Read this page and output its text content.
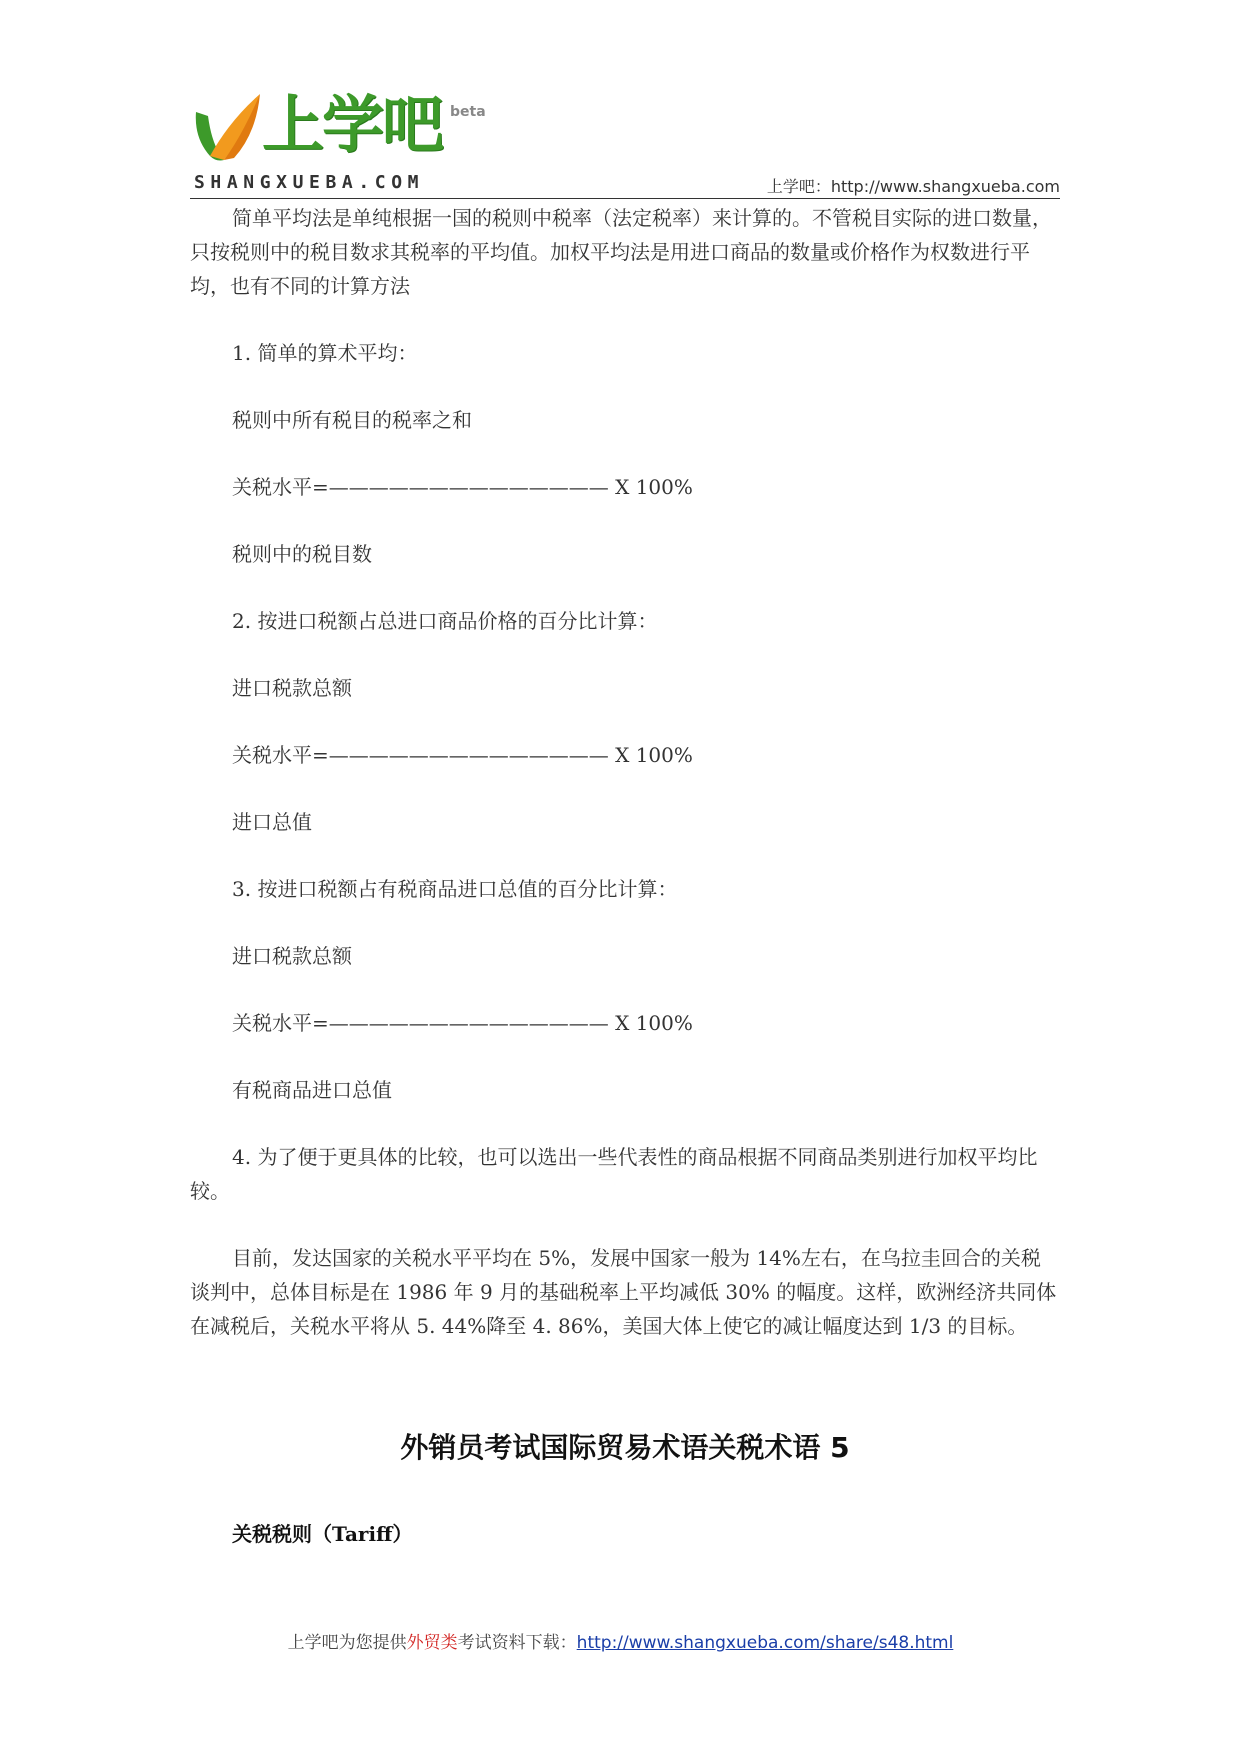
上学吧 beta
SHANGXUEBA.COM	上学吧：http://www.shangxueba.com

简单平均法是单纯根据一国的税则中税率（法定税率）来计算的。不管税目实际的进口数量，只按税则中的税目数求其税率的平均值。加权平均法是用进口商品的数量或价格作为权数进行平均，也有不同的计算方法

1. 简单的算术平均：

税则中所有税目的税率之和

关税水平=—————————————— X 100%

税则中的税目数

2. 按进口税额占总进口商品价格的百分比计算：

进口税款总额

关税水平=—————————————— X 100%

进口总值

3. 按进口税额占有税商品进口总值的百分比计算：

进口税款总额

关税水平=—————————————— X 100%

有税商品进口总值

4. 为了便于更具体的比较，也可以选出一些代表性的商品根据不同商品类别进行加权平均比较。

目前，发达国家的关税水平平均在 5%，发展中国家一般为 14%左右，在乌拉圭回合的关税谈判中，总体目标是在 1986 年 9 月的基础税率上平均减低 30% 的幅度。这样，欧洲经济共同体在减税后，关税水平将从 5. 44%降至 4. 86%，美国大体上使它的减让幅度达到 1/3 的目标。

外销员考试国际贸易术语关税术语 5
关税税则（Tariff）
上学吧为您提供外贸类考试资料下载：http://www.shangxueba.com/share/s48.html
